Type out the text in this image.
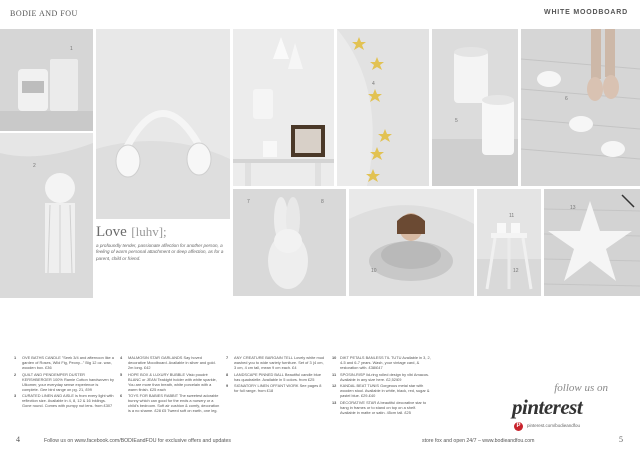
BODIE AND FOU	WHITE MOODBOARD
1
2
4
5
6
Love [luhv];
a profoundly tender, passionate affection for another person, a feeling of warm personal attachment or deep affection, as for a parent, child or friend.
7	8
10
11
12
13
1	OVE BATHS CANDLE "Seek 3/4 and afternoon like a garden of Roses, Wild Fig, Peony..." Big 12 oz. wax, wooden box. £36
2	QUILT AND PENDEMPER DUSTER KERSHBERGER 100% Ramie Cotton handwoven by Ulkomer, your everyday sense experience is complete. Gee bird range on pg. 21, £99
3	CURATED LINEN AND AISLE is from every light with reflection size. Available in 4, 8, 12 & 16 inklings. Gone round. Comes with pumpy nut lens. from £307
4	MALMOSIN STAR GARLANDS Say hoved decorative Moodboard. Available in silver and gold. 2m long. £42
5	HOPE BOX & LUXURY BUBBLE Visio poudré BLANC or JEAN Teakight holder with white sparkle, You are more than breath, white porcelain with a warm finish. £25 each
6	TOYS FOR BABIES RABBIT The sweetest adorable bunny which can good for the ends a nursery or a child's bedroom. Soft air cushion & comfy, decoration is a no shame. £28 £5 Tweed soft on earth, one leg.
7	ANY CREATURE BARGAIN TELL Lovely white mud washed you to wide variety furniture. Set of 3 (4 cm, 3 cm, 4 cm tall, mean 9 cm each. £4
8	LANDSCAPE PINNED BALL Beautiful candle blue has quadralelle. Available in 5 colors. from £25
9	SIGNATORY LINEN OFFANT WORK See pages 8 for full range. from £18
10 DIKT PETALS BANLESS TIL TUTU Available in 3, 2, 4-5 and 6-7 years. Wash, your vintage card, & restoration with. £38/£47
11 SPOSIN-RISP lid-ring rolled design by vlbi Amacos. Available in any size here. £2,52/£9
12 KANDAL BEAT TUNIS Gorgeous metal star with wooden stool. Available in white, black, red, sugar & pastel blue. £29-£40
13 DECORATIVE STAR A beautiful decorative star to hang in frames or to stand on top on a shelf. Available in matte or satin. 45cm tall. £25
follow us on
pinterest
P	pinterest.com/bodieandfou
4	Follow us on www.facebook.com/BODIEandFOU for exclusive offers and updates	store fox and open 24/7 – www.bodieandfou.com	5
